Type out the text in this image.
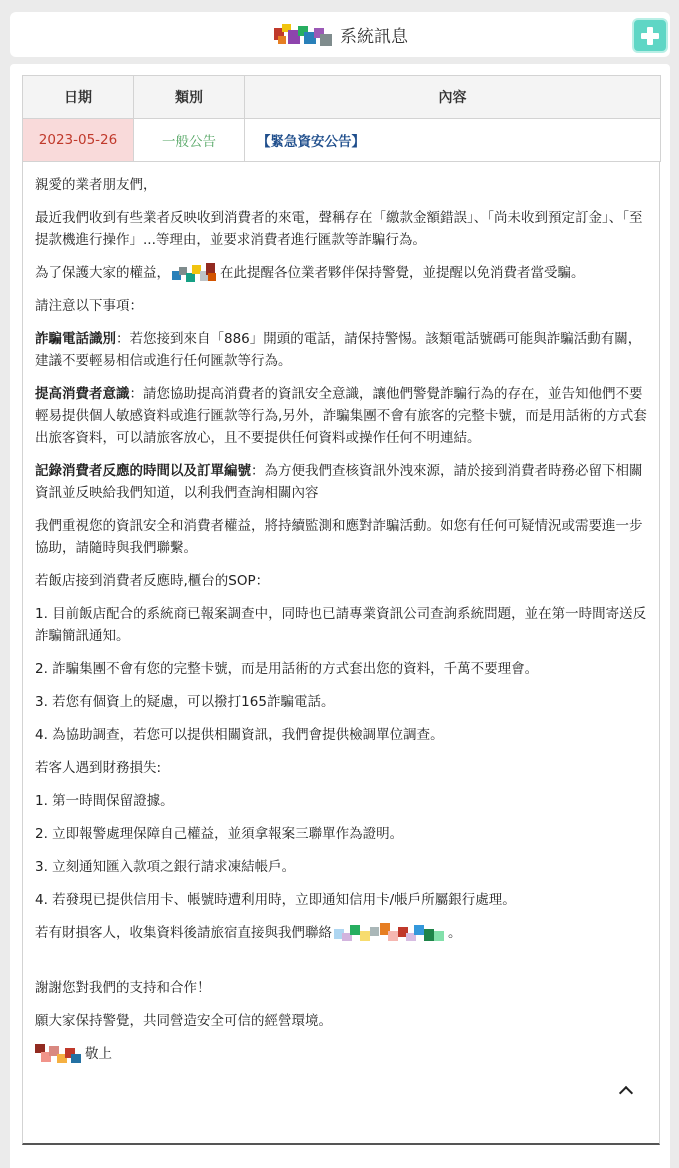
系統訊息
日期	類別	內容
2023-05-26	一般公告	【緊急資安公告】

親愛的業者朋友們，

最近我們收到有些業者反映收到消費者的來電，聲稱存在「繳款金額錯誤」、「尚未收到預定訂金」、「至提款機進行操作」...等理由，並要求消費者進行匯款等詐騙行為。

為了保護大家的權益，	在此提醒各位業者夥伴保持警覺，並提醒以免消費者當受騙。

請注意以下事項：

詐騙電話識別：若您接到來自「886」開頭的電話，請保持警惕。該類電話號碼可能與詐騙活動有關，建議不要輕易相信或進行任何匯款等行為。

提高消費者意識：請您協助提高消費者的資訊安全意識，讓他們警覺詐騙行為的存在，並告知他們不要輕易提供個人敏感資料或進行匯款等行為,另外，詐騙集團不會有旅客的完整卡號，而是用話術的方式套出旅客資料，可以請旅客放心，且不要提供任何資料或操作任何不明連結。

記錄消費者反應的時間以及訂單編號：為方便我們查核資訊外洩來源，請於接到消費者時務必留下相關資訊並反映給我們知道，以利我們查詢相關內容

我們重視您的資訊安全和消費者權益，將持續監測和應對詐騙活動。如您有任何可疑情況或需要進一步協助，請隨時與我們聯繫。

若飯店接到消費者反應時,櫃台的SOP：

1. 目前飯店配合的系統商已報案調查中，同時也已請專業資訊公司查詢系統問題，並在第一時間寄送反詐騙簡訊通知。

2. 詐騙集團不會有您的完整卡號，而是用話術的方式套出您的資料，千萬不要理會。

3. 若您有個資上的疑慮，可以撥打165詐騙電話。

4. 為協助調查，若您可以提供相關資訊，我們會提供檢調單位調查。

若客人遇到財務損失:

1. 第一時間保留證據。

2. 立即報警處理保障自己權益，並須拿報案三聯單作為證明。

3. 立刻通知匯入款項之銀行請求凍結帳戶。

4. 若發現已提供信用卡、帳號時遭利用時，立即通知信用卡/帳戶所屬銀行處理。

若有財損客人，收集資料後請旅宿直接與我們聯絡	。

謝謝您對我們的支持和合作！

願大家保持警覺，共同營造安全可信的經營環境。

敬上
